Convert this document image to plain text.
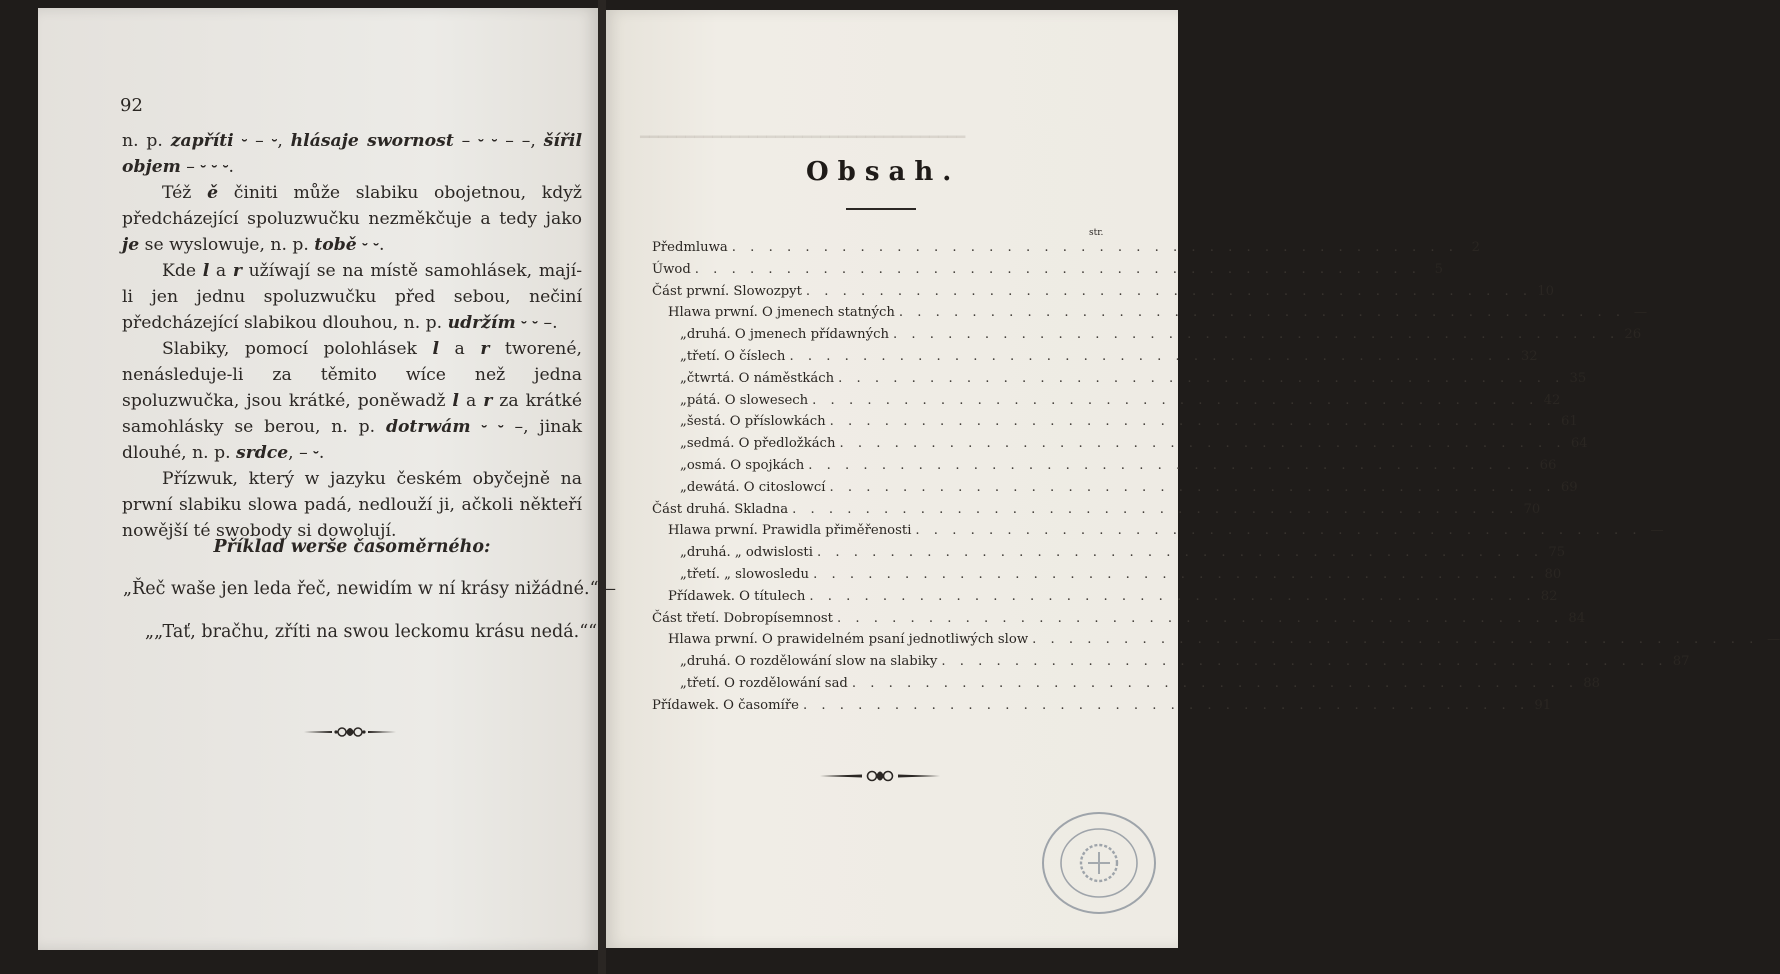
━━━━━━━━━━━━━━━━━━━━━━━━━━━━━━━━━━━━
92

n. p. zapříti ⏑ – ⏑, hlásaje swornost – ⏑ ⏑ – –, šířil objem – ⏑ ⏑ ⏑.

Též ě činiti může slabiku obojetnou, když předcházející spoluzwučku nezměkčuje a tedy jako je se wyslowuje, n. p. tobě ⏑ ⏑.

Kde l a r užíwají se na místě samohlásek, mají-li jen jednu spoluzwučku před sebou, nečiní předcházející slabikou dlouhou, n. p. udržím ⏑ ⏑ –.

Slabiky, pomocí polohlásek l a r tworené, nenásleduje-li za těmito wíce než jedna spoluzwučka, jsou krátké, poněwadž l a r za krátké samohlásky se berou, n. p. dotrwám ⏑ ⏑ –, jinak dlouhé, n. p. srdce, – ⏑.

Přízwuk, který w jazyku českém obyčejně na prwní slabiku slowa padá, nedlouží ji, ačkoli někteří nowější té swobody si dowolují.

Příklad werše časoměrného:
„Řeč waše jen leda řeč, newidím w ní krásy nižádné.“—
„„Tať, bračhu, zříti na swou leckomu krásu nedá.““
Obsah.
str.
Předmluwa . . . . . . . . . . . . . . . . . . . . . . . . . . . . . . . . . . . . . . . .	2
Úwod . . . . . . . . . . . . . . . . . . . . . . . . . . . . . . . . . . . . . . . .	5
Část prwní. Slowozpyt . . . . . . . . . . . . . . . . . . . . . . . . . . . . . . . . . . . . . . . . 10
Hlawa prwní. O jmenech statných . . . . . . . . . . . . . . . . . . . . . . . . . . . . . . . . . . . . . . . . —
„ druhá. O jmenech přídawných . . . . . . . . . . . . . . . . . . . . . . . . . . . . . . . . . . . . . . . . 26
„ třetí. O číslech . . . . . . . . . . . . . . . . . . . . . . . . . . . . . . . . . . . . . . . . 32
„ čtwrtá. O náměstkách . . . . . . . . . . . . . . . . . . . . . . . . . . . . . . . . . . . . . . . . 35
„ pátá. O slowesech . . . . . . . . . . . . . . . . . . . . . . . . . . . . . . . . . . . . . . . . 42
„ šestá. O příslowkách . . . . . . . . . . . . . . . . . . . . . . . . . . . . . . . . . . . . . . . . 61
„ sedmá. O předložkách . . . . . . . . . . . . . . . . . . . . . . . . . . . . . . . . . . . . . . . . 64
„ osmá. O spojkách . . . . . . . . . . . . . . . . . . . . . . . . . . . . . . . . . . . . . . . . 66
„ dewátá. O citoslowcí . . . . . . . . . . . . . . . . . . . . . . . . . . . . . . . . . . . . . . . . 69
Část druhá. Skladna . . . . . . . . . . . . . . . . . . . . . . . . . . . . . . . . . . . . . . . . 70
Hlawa prwní. Prawidla přiměřenosti . . . . . . . . . . . . . . . . . . . . . . . . . . . . . . . . . . . . . . . . —
„ druhá. „ odwislosti . . . . . . . . . . . . . . . . . . . . . . . . . . . . . . . . . . . . . . . . 75
„ třetí. „ slowosledu . . . . . . . . . . . . . . . . . . . . . . . . . . . . . . . . . . . . . . . . 80
Přídawek. O títulech . . . . . . . . . . . . . . . . . . . . . . . . . . . . . . . . . . . . . . . . 82
Část třetí. Dobropísemnost . . . . . . . . . . . . . . . . . . . . . . . . . . . . . . . . . . . . . . . . 84
Hlawa prwní. O prawidelném psaní jednotliwých slow . . . . . . . . . . . . . . . . . . . . . . . . . . . . . . . . . . . . . . . . —
„ druhá. O rozdělowání slow na slabiky . . . . . . . . . . . . . . . . . . . . . . . . . . . . . . . . . . . . . . . . 87
„ třetí. O rozdělowání sad . . . . . . . . . . . . . . . . . . . . . . . . . . . . . . . . . . . . . . . . 88
Přídawek. O časomíře . . . . . . . . . . . . . . . . . . . . . . . . . . . . . . . . . . . . . . . . 91
